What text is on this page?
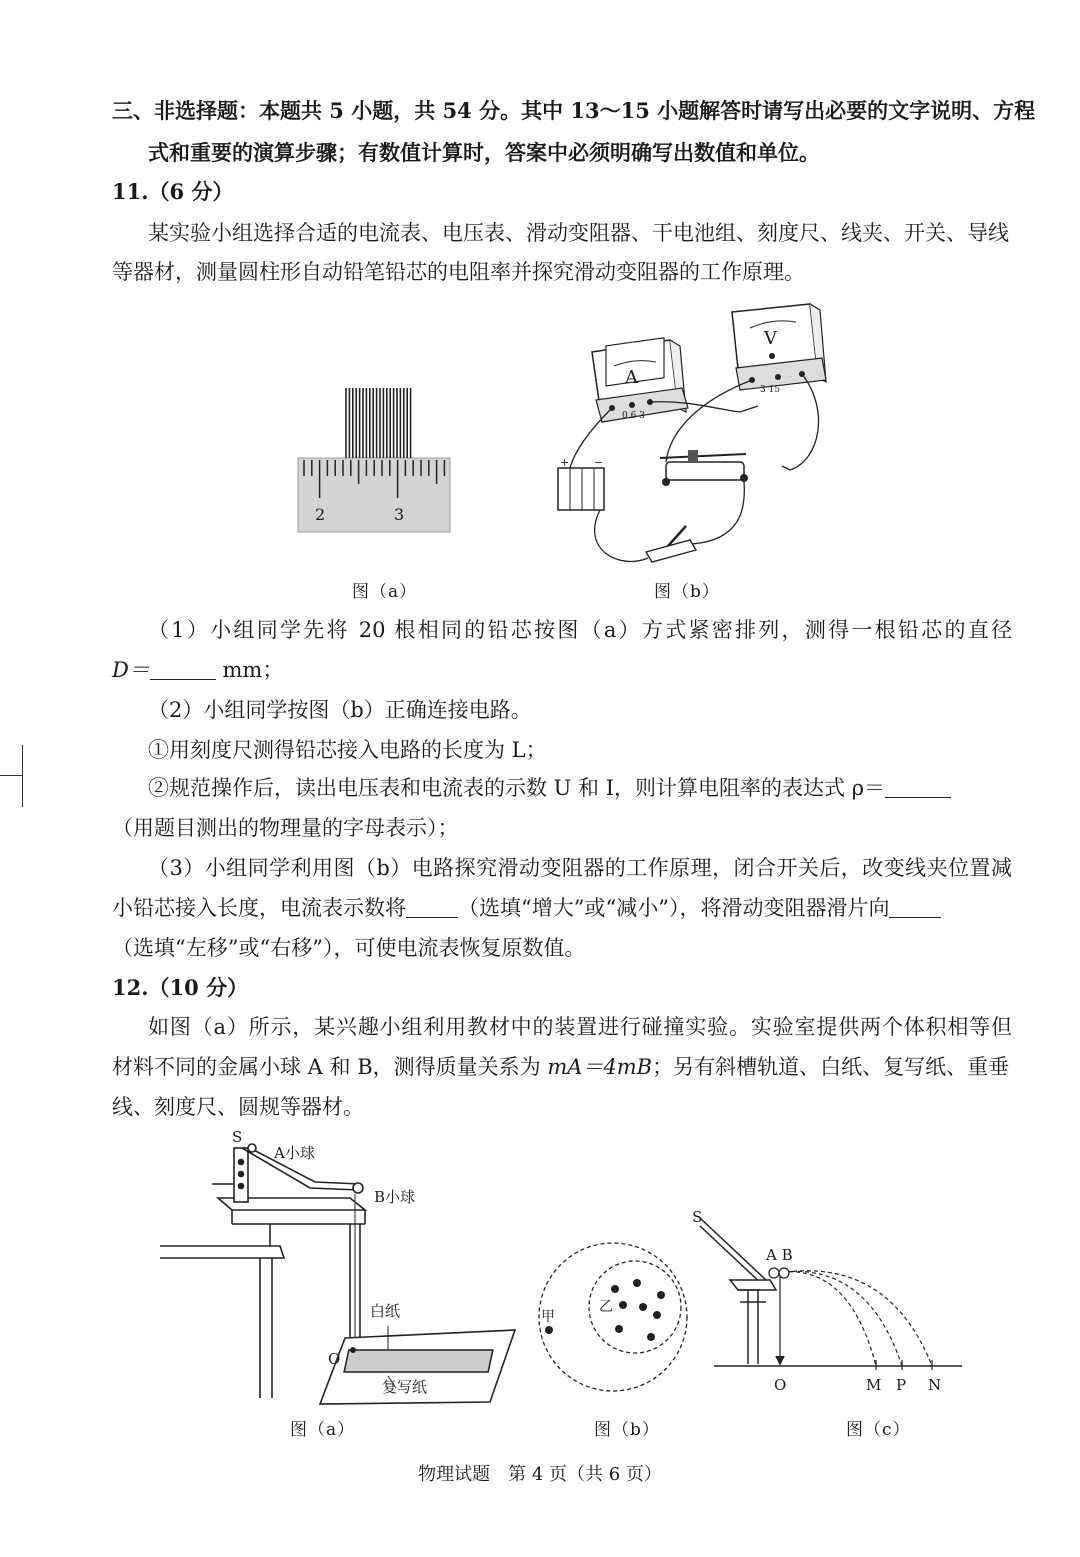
三、非选择题：本题共 5 小题，共 54 分。其中 13～15 小题解答时请写出必要的文字说明、方程
式和重要的演算步骤；有数值计算时，答案中必须明确写出数值和单位。
11.（6 分）
某实验小组选择合适的电流表、电压表、滑动变阻器、干电池组、刻度尺、线夹、开关、导线
等器材，测量圆柱形自动铅笔铅芯的电阻率并探究滑动变阻器的工作原理。
2	3
A
0.6 3
V
3 15
+ −
图（a）	图（b）
（1）小组同学先将 20 根相同的铅芯按图（a）方式紧密排列，测得一根铅芯的直径
D＝	mm；
（2）小组同学按图（b）正确连接电路。
①用刻度尺测得铅芯接入电路的长度为 L；
②规范操作后，读出电压表和电流表的示数 U 和 I，则计算电阻率的表达式 ρ＝
（用题目测出的物理量的字母表示）；
（3）小组同学利用图（b）电路探究滑动变阻器的工作原理，闭合开关后，改变线夹位置减
小铅芯接入长度，电流表示数将 （选填“增大”或“减小”），将滑动变阻器滑片向
（选填“左移”或“右移”），可使电流表恢复原数值。
12.（10 分）
如图（a）所示，某兴趣小组利用教材中的装置进行碰撞实验。实验室提供两个体积相等但
材料不同的金属小球 A 和 B，测得质量关系为 mA＝4mB；另有斜槽轨道、白纸、复写纸、重垂
线、刻度尺、圆规等器材。
S
A小球
B小球
白纸
复写纸
O
甲
乙
S
A B
O	M P N
图（a）	图（b）	图（c）
物理试题　第 4 页（共 6 页）
